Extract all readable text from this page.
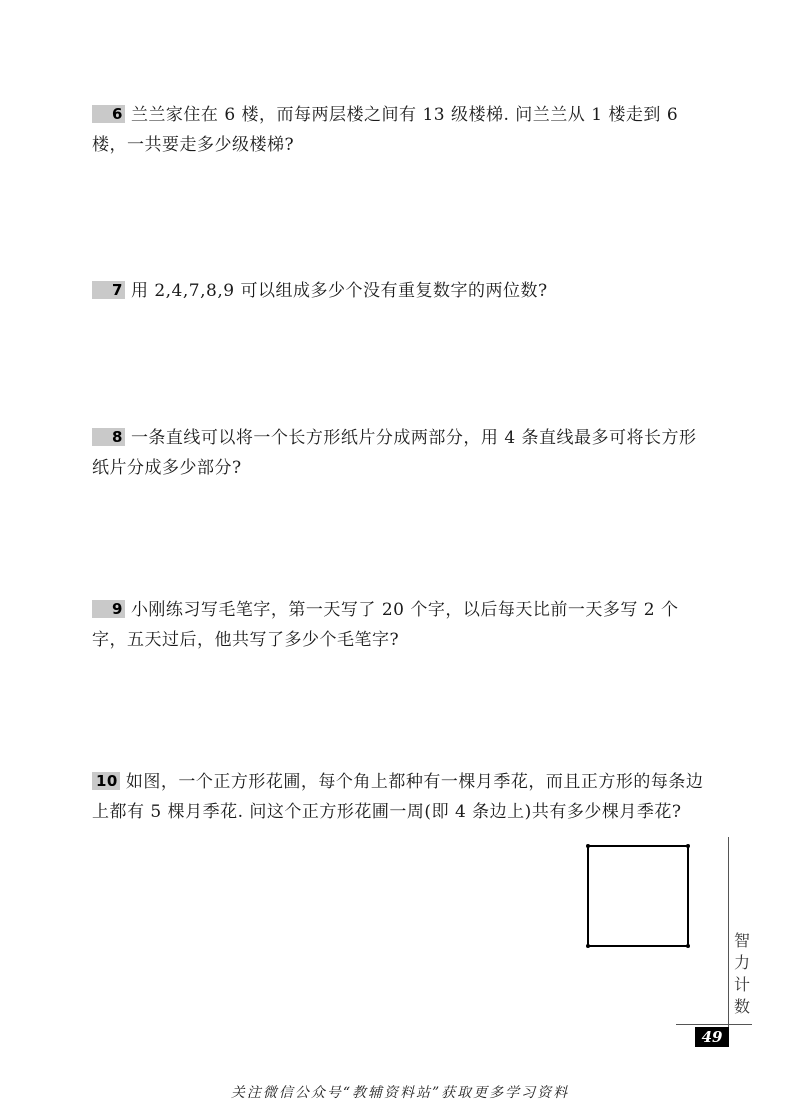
6 兰兰家住在 6 楼，而每两层楼之间有 13 级楼梯. 问兰兰从 1 楼走到 6 楼，一共要走多少级楼梯?
7 用 2,4,7,8,9 可以组成多少个没有重复数字的两位数?
8 一条直线可以将一个长方形纸片分成两部分，用 4 条直线最多可将长方形纸片分成多少部分?
9 小刚练习写毛笔字，第一天写了 20 个字，以后每天比前一天多写 2 个字，五天过后，他共写了多少个毛笔字?
10 如图，一个正方形花圃，每个角上都种有一棵月季花，而且正方形的每条边上都有 5 棵月季花. 问这个正方形花圃一周(即 4 条边上)共有多少棵月季花?
智力计数
49
关注微信公众号“教辅资料站”获取更多学习资料
